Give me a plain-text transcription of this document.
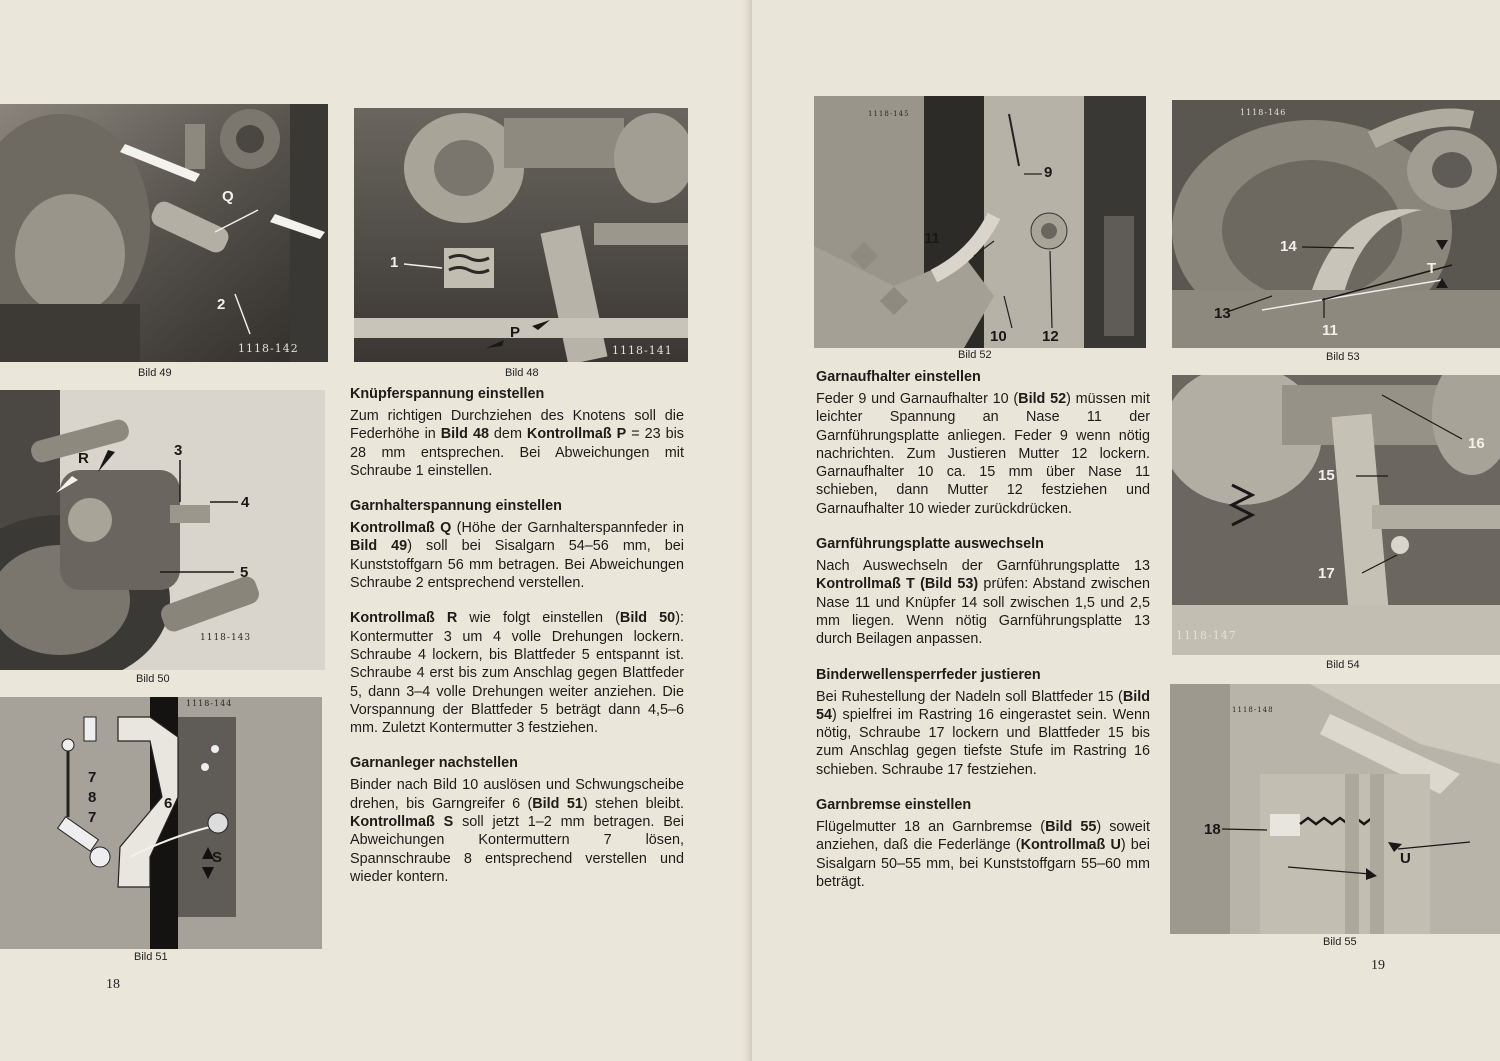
Q
2
1118-142
Bild 49
1
P
1118-141
Bild 48
R	3
4
5
1118-143
Bild 50
7
8
7
6
S
1118-144
Bild 51
18
Knüpferspannung einstellen

Zum richtigen Durchziehen des Knotens soll die Federhöhe in Bild 48 dem Kontrollmaß P = 23 bis 28 mm entsprechen. Bei Abweichungen mit Schraube 1 einstellen.

Garnhalterspannung einstellen

Kontrollmaß Q (Höhe der Garnhalterspannfeder in Bild 49) soll bei Sisalgarn 54–56 mm, bei Kunststoffgarn 56 mm betragen. Bei Abweichungen Schraube 2 entsprechend verstellen.

Kontrollmaß R wie folgt einstellen (Bild 50): Kontermutter 3 um 4 volle Drehungen lockern. Schraube 4 lockern, bis Blattfeder 5 entspannt ist. Schraube 4 erst bis zum Anschlag gegen Blattfeder 5, dann 3–4 volle Drehungen weiter anziehen. Die Vorspannung der Blattfeder 5 beträgt dann 4,5–6 mm. Zuletzt Kontermutter 3 festziehen.

Garnanleger nachstellen

Binder nach Bild 10 auslösen und Schwungscheibe drehen, bis Garngreifer 6 (Bild 51) stehen bleibt. Kontrollmaß S soll jetzt 1–2 mm betragen. Bei Abweichungen Kontermuttern 7 lösen, Spannschraube 8 entsprechend verstellen und wieder kontern.

9
11
10 12
1118-145
Bild 52
14
T
13
11
1118-146
Bild 53
16
15
17
1118-147
Bild 54
18
U
1118-148
Bild 55
19
Garnaufhalter einstellen

Feder 9 und Garnaufhalter 10 (Bild 52) müssen mit leichter Spannung an Nase 11 der Garnführungsplatte anliegen. Feder 9 wenn nötig nachrichten. Zum Justieren Mutter 12 lockern. Garnaufhalter 10 ca. 15 mm über Nase 11 schieben, dann Mutter 12 festziehen und Garnaufhalter 10 wieder zurückdrücken.

Garnführungsplatte auswechseln

Nach Auswechseln der Garnführungsplatte 13 Kontrollmaß T (Bild 53) prüfen: Abstand zwischen Nase 11 und Knüpfer 14 soll zwischen 1,5 und 2,5 mm liegen. Wenn nötig Garnführungsplatte 13 durch Beilagen anpassen.

Binderwellensperrfeder justieren

Bei Ruhestellung der Nadeln soll Blattfeder 15 (Bild 54) spielfrei im Rastring 16 eingerastet sein. Wenn nötig, Schraube 17 lockern und Blattfeder 15 bis zum Anschlag gegen tiefste Stufe im Rastring 16 schieben. Schraube 17 festziehen.

Garnbremse einstellen

Flügelmutter 18 an Garnbremse (Bild 55) soweit anziehen, daß die Federlänge (Kontrollmaß U) bei Sisalgarn 50–55 mm, bei Kunststoffgarn 55–60 mm beträgt.
